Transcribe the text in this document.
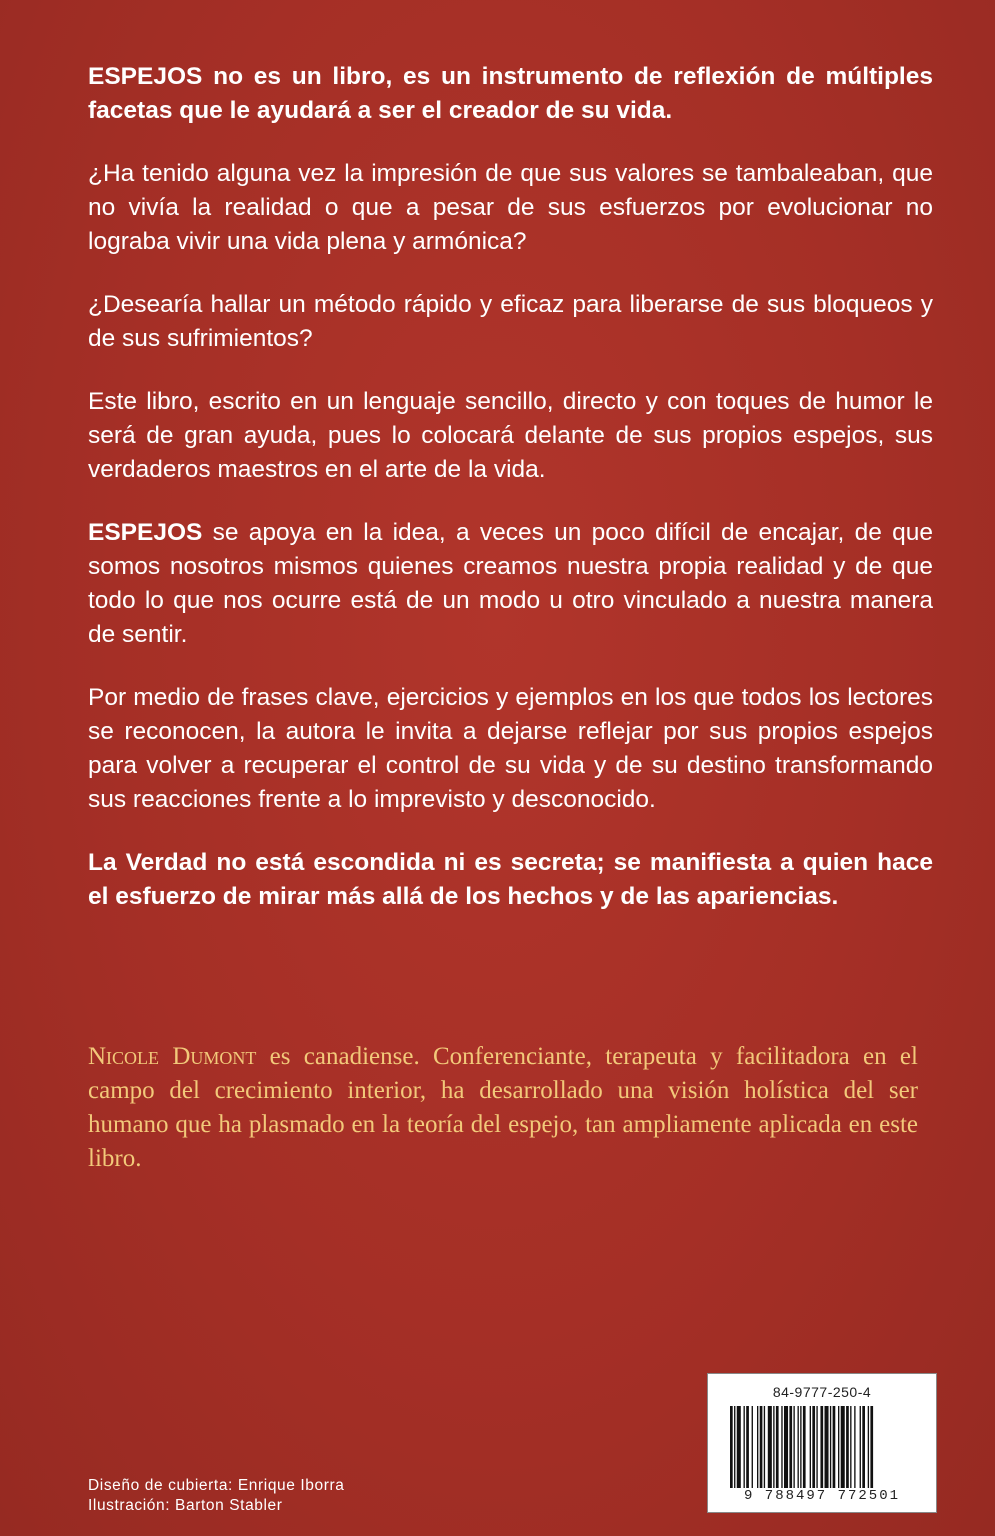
ESPEJOS no es un libro, es un instrumento de reflexión de múltiples facetas que le ayudará a ser el creador de su vida.

¿Ha tenido alguna vez la impresión de que sus valores se tambaleaban, que no vivía la realidad o que a pesar de sus esfuerzos por evolucionar no lograba vivir una vida plena y armónica?

¿Desearía hallar un método rápido y eficaz para liberarse de sus bloqueos y de sus sufrimientos?

Este libro, escrito en un lenguaje sencillo, directo y con toques de humor le será de gran ayuda, pues lo colocará delante de sus propios espejos, sus verdaderos maestros en el arte de la vida.

ESPEJOS se apoya en la idea, a veces un poco difícil de encajar, de que somos nosotros mismos quienes creamos nuestra propia realidad y de que todo lo que nos ocurre está de un modo u otro vinculado a nuestra manera de sentir.

Por medio de frases clave, ejercicios y ejemplos en los que todos los lectores se reconocen, la autora le invita a dejarse reflejar por sus propios espejos para volver a recuperar el control de su vida y de su destino transformando sus reacciones frente a lo imprevisto y desconocido.

La Verdad no está escondida ni es secreta; se manifiesta a quien hace el esfuerzo de mirar más allá de los hechos y de las apariencias.

Nicole Dumont es canadiense. Conferenciante, terapeuta y facilitadora en el campo del crecimiento interior, ha desarrollado una visión holística del ser humano que ha plasmado en la teoría del espejo, tan ampliamente aplicada en este libro.
84-9777-250-4
9 788497 772501
Diseño de cubierta: Enrique Iborra
Ilustración: Barton Stabler
